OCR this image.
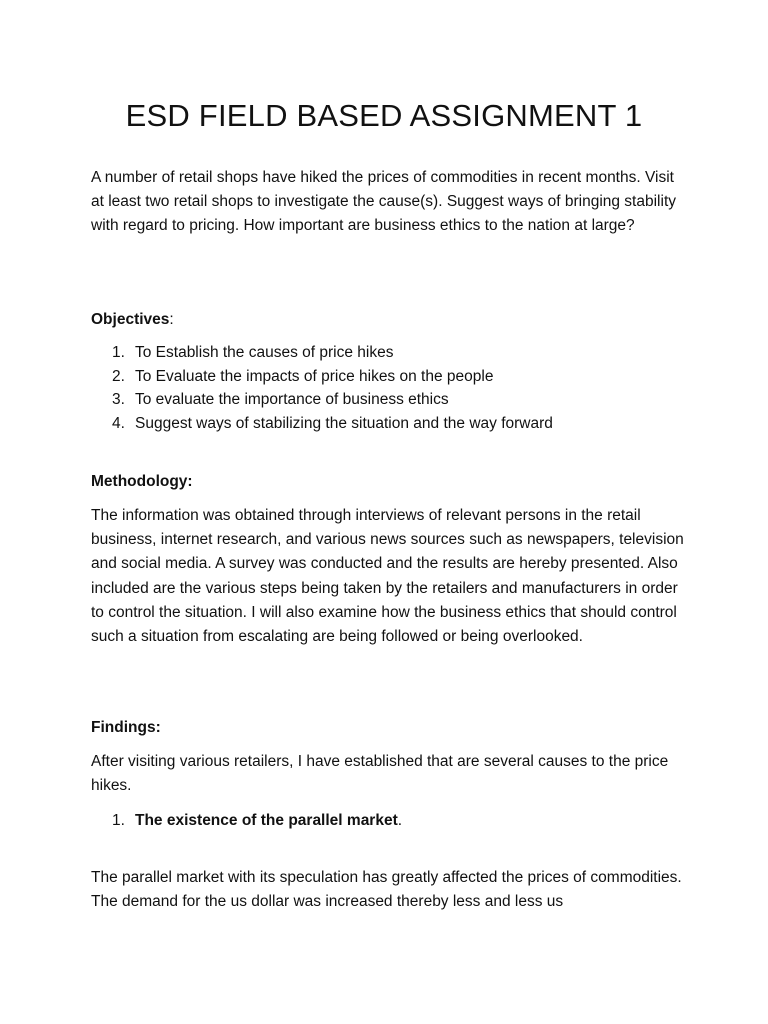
ESD FIELD BASED ASSIGNMENT 1

A number of retail shops have hiked the prices of commodities in recent months. Visit at least two retail shops to investigate the cause(s). Suggest ways of bringing stability with regard to pricing. How important are business ethics to the nation at large?

Objectives:

1. To Establish the causes of price hikes
2. To Evaluate the impacts of price hikes on the people
3. To evaluate the importance of business ethics
4. Suggest ways of stabilizing the situation and the way forward

Methodology:

The information was obtained through interviews of relevant persons in the retail business, internet research, and various news sources such as newspapers, television and social media. A survey was conducted and the results are hereby presented. Also included are the various steps being taken by the retailers and manufacturers in order to control the situation. I will also examine how the business ethics that should control such a situation from escalating are being followed or being overlooked.

Findings:

After visiting various retailers, I have established that are several causes to the price hikes.

1. The existence of the parallel market.

The parallel market with its speculation has greatly affected the prices of commodities. The demand for the us dollar was increased thereby less and less us
